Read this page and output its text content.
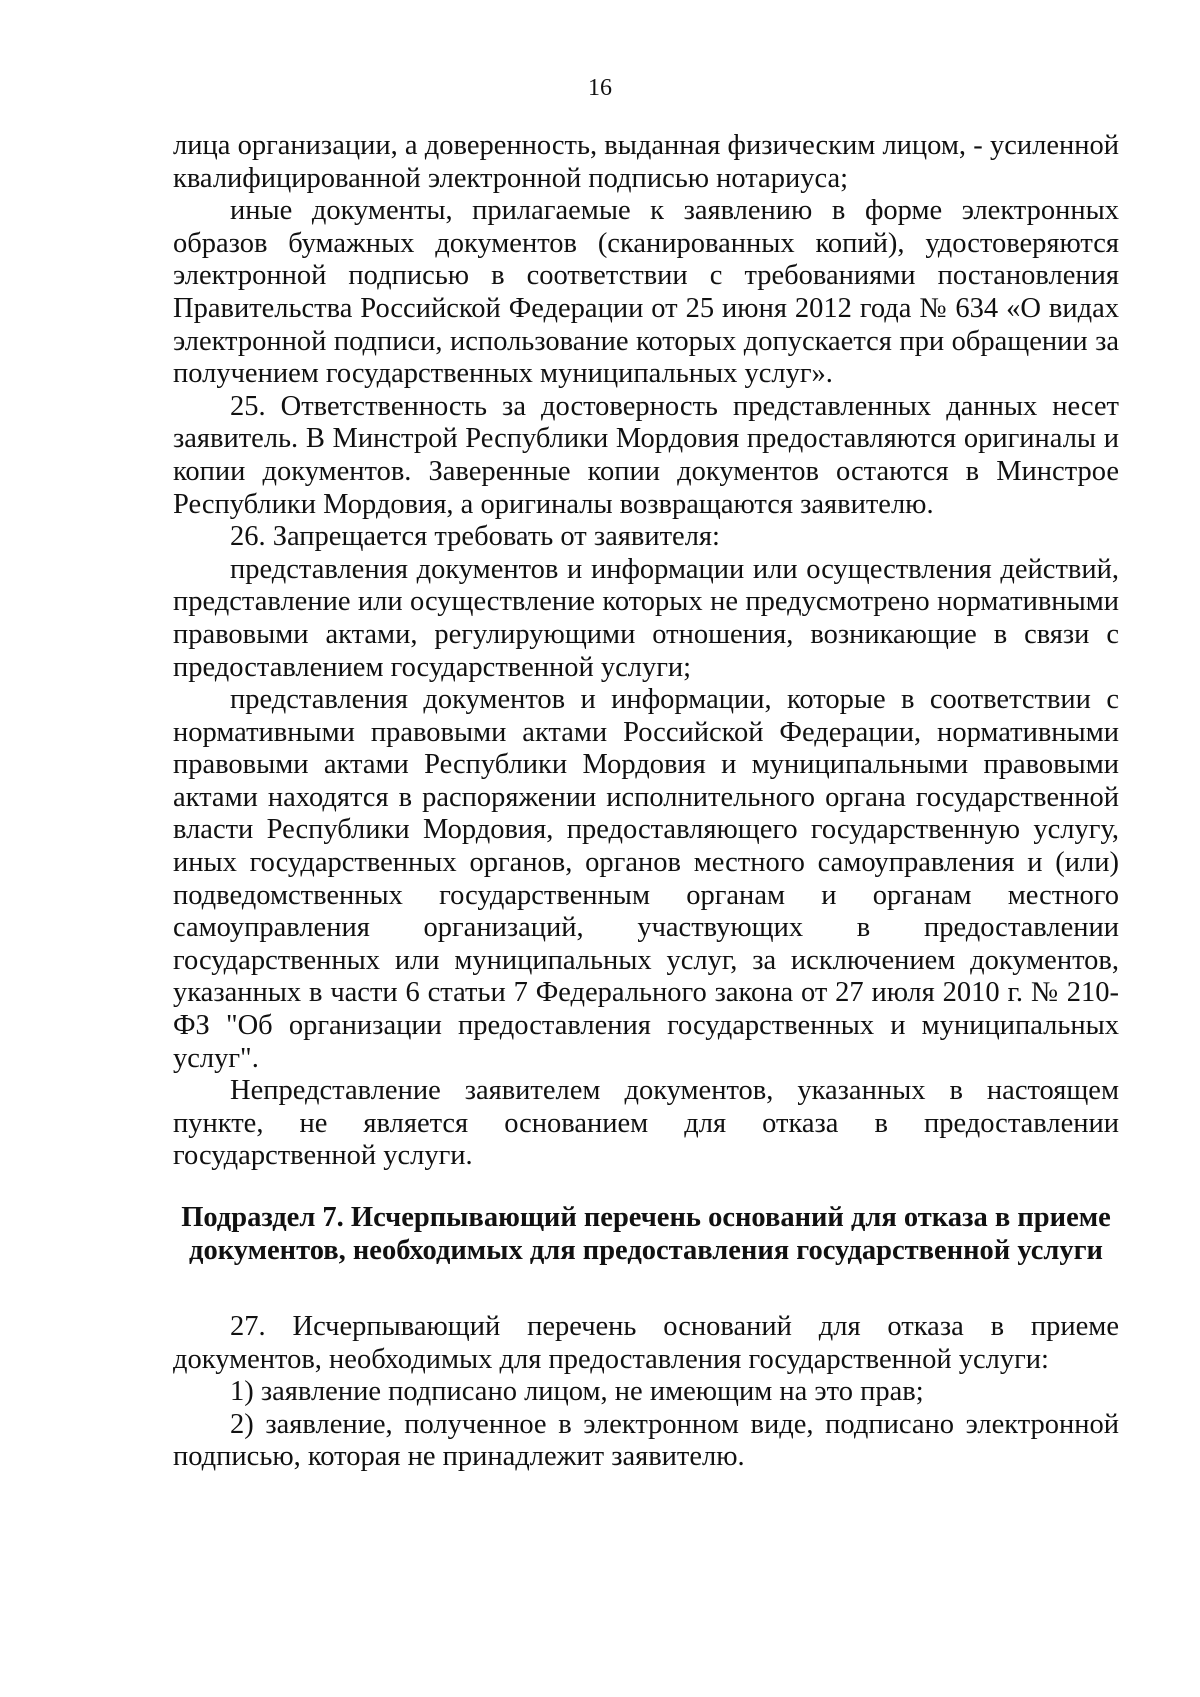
16

лица организации, а доверенность, выданная физическим лицом, - усиленной квалифицированной электронной подписью нотариуса;

иные документы, прилагаемые к заявлению в форме электронных образов бумажных документов (сканированных копий), удостоверяются электронной подписью в соответствии с требованиями постановления Правительства Российской Федерации от 25 июня 2012 года № 634 «О видах электронной подписи, использование которых допускается при обращении за получением государственных муниципальных услуг».

25. Ответственность за достоверность представленных данных несет заявитель. В Минстрой Республики Мордовия предоставляются оригиналы и копии документов. Заверенные копии документов остаются в Минстрое Республики Мордовия, а оригиналы возвращаются заявителю.

26. Запрещается требовать от заявителя:

представления документов и информации или осуществления действий, представление или осуществление которых не предусмотрено нормативными правовыми актами, регулирующими отношения, возникающие в связи с предоставлением государственной услуги;

представления документов и информации, которые в соответствии с нормативными правовыми актами Российской Федерации, нормативными правовыми актами Республики Мордовия и муниципальными правовыми актами находятся в распоряжении исполнительного органа государственной власти Республики Мордовия, предоставляющего государственную услугу, иных государственных органов, органов местного самоуправления и (или) подведомственных государственным органам и органам местного самоуправления организаций, участвующих в предоставлении государственных или муниципальных услуг, за исключением документов, указанных в части 6 статьи 7 Федерального закона от 27 июля 2010 г. № 210-ФЗ "Об организации предоставления государственных и муниципальных услуг".

Непредставление заявителем документов, указанных в настоящем пункте, не является основанием для отказа в предоставлении государственной услуги.

Подраздел 7. Исчерпывающий перечень оснований для отказа в приеме
документов, необходимых для предоставления государственной услуги

27. Исчерпывающий перечень оснований для отказа в приеме документов, необходимых для предоставления государственной услуги:

1) заявление подписано лицом, не имеющим на это прав;

2) заявление, полученное в электронном виде, подписано электронной подписью, которая не принадлежит заявителю.
